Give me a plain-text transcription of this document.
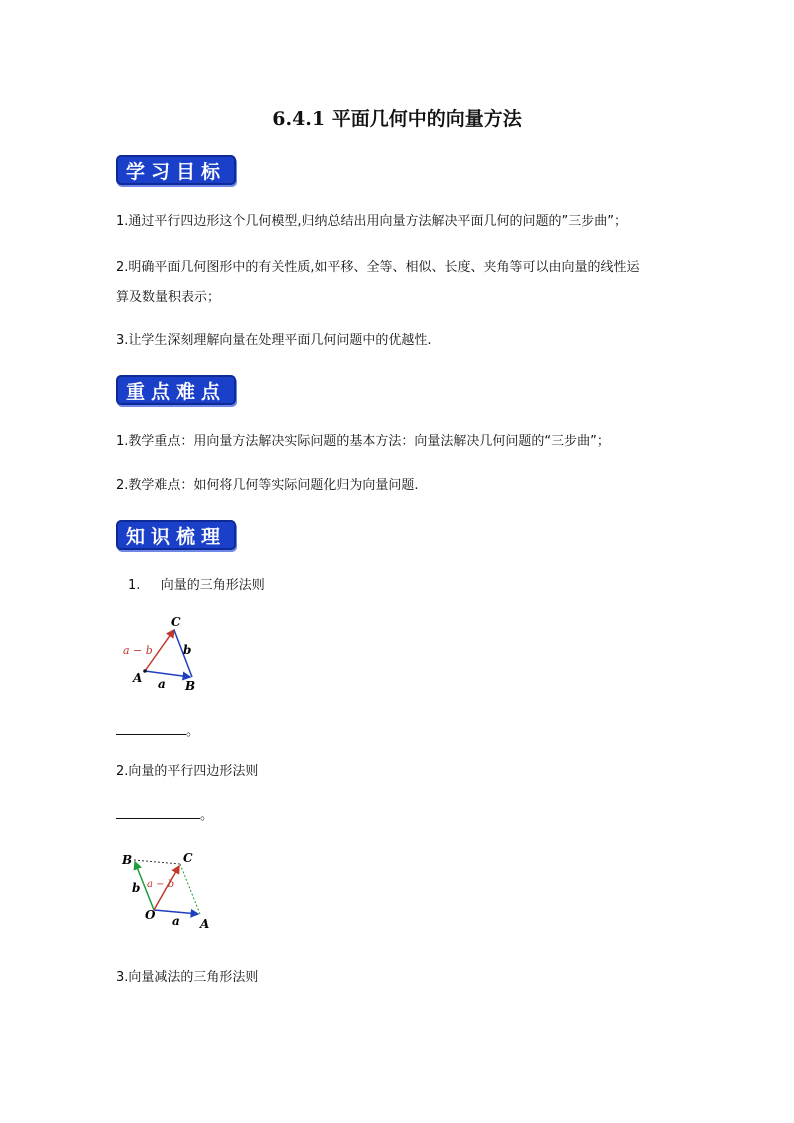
6.4.1 平面几何中的向量方法
学习目标
1.通过平行四边形这个几何模型,归纳总结出用向量方法解决平面几何的问题的”三步曲”；
2.明确平面几何图形中的有关性质,如平移、全等、相似、长度、夹角等可以由向量的线性运
算及数量积表示；
3.让学生深刻理解向量在处理平面几何问题中的优越性.
重点难点
1.教学重点：用向量方法解决实际问题的基本方法：向量法解决几何问题的“三步曲”；
2.教学难点：如何将几何等实际问题化归为向量问题.
知识梳理
1. 向量的三角形法则
a − b	b
a
A
B
C
。
2.向量的平行四边形法则
。
a − b
b
a
O
A
B	C
3.向量减法的三角形法则
